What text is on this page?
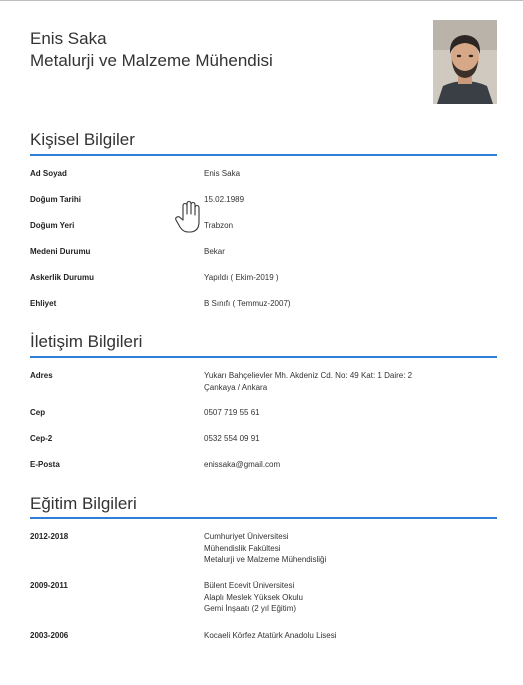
Enis Saka
Metalurji ve Malzeme Mühendisi
Kişisel Bilgiler
Ad Soyad	Enis Saka
Doğum Tarihi	15.02.1989
Doğum Yeri	Trabzon
Medeni Durumu	Bekar
Askerlik Durumu	Yapıldı ( Ekim-2019 )
Ehliyet	B Sınıfı ( Temmuz-2007)
İletişim Bilgileri
Adres	Yukarı Bahçelievler Mh. Akdeniz Cd. No: 49 Kat: 1 Daire: 2
Çankaya / Ankara
Cep	0507 719 55 61
Cep-2	0532 554 09 91
E-Posta	enissaka@gmail.com
Eğitim Bilgileri
2012-2018	Cumhuriyet Üniversitesi
Mühendislik Fakültesi
Metalurji ve Malzeme Mühendisliği
2009-2011	Bülent Ecevit Üniversitesi
Alaplı Meslek Yüksek Okulu
Gemi İnşaatı (2 yıl Eğitim)
2003-2006	Kocaeli Körfez Atatürk Anadolu Lisesi
